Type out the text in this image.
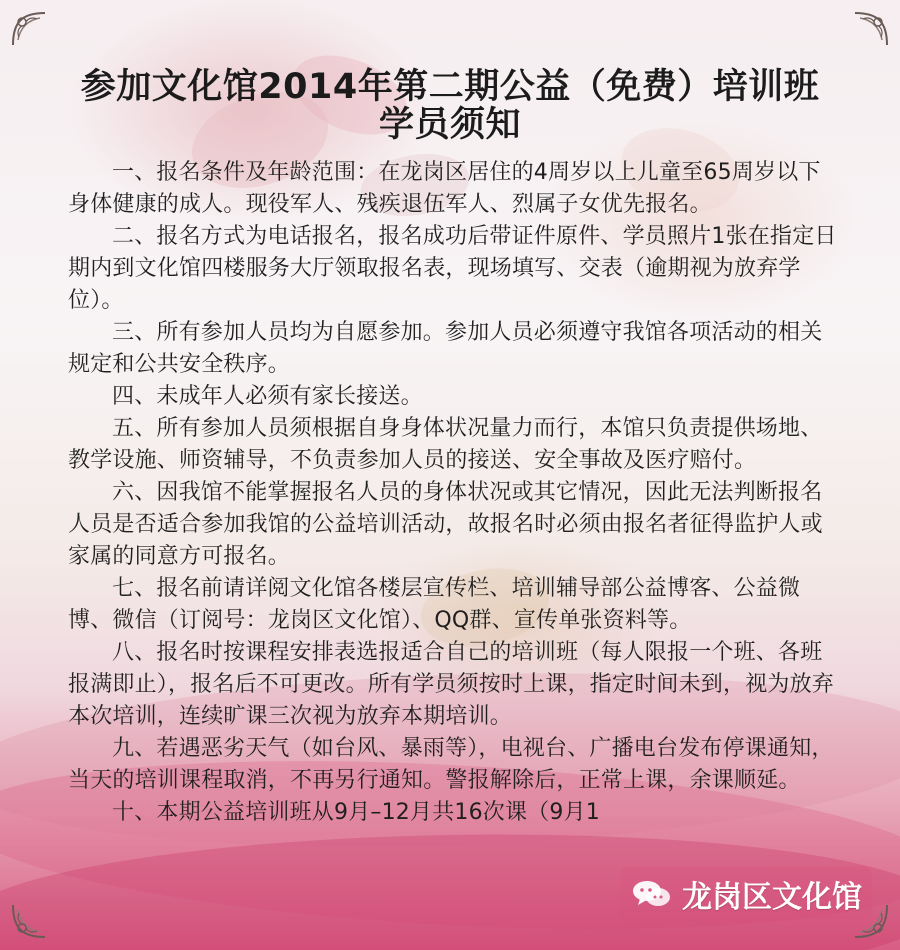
参加文化馆2014年第二期公益（免费）培训班
学员须知

一、报名条件及年龄范围：在龙岗区居住的4周岁以上儿童至65周岁以下身体健康的成人。现役军人、残疾退伍军人、烈属子女优先报名。

二、报名方式为电话报名，报名成功后带证件原件、学员照片1张在指定日期内到文化馆四楼服务大厅领取报名表，现场填写、交表（逾期视为放弃学位）。

三、所有参加人员均为自愿参加。参加人员必须遵守我馆各项活动的相关规定和公共安全秩序。

四、未成年人必须有家长接送。

五、所有参加人员须根据自身身体状况量力而行，本馆只负责提供场地、教学设施、师资辅导，不负责参加人员的接送、安全事故及医疗赔付。

六、因我馆不能掌握报名人员的身体状况或其它情况，因此无法判断报名人员是否适合参加我馆的公益培训活动，故报名时必须由报名者征得监护人或家属的同意方可报名。

七、报名前请详阅文化馆各楼层宣传栏、培训辅导部公益博客、公益微博、微信（订阅号：龙岗区文化馆）、QQ群、宣传单张资料等。

八、报名时按课程安排表选报适合自己的培训班（每人限报一个班、各班报满即止），报名后不可更改。所有学员须按时上课，指定时间未到，视为放弃本次培训，连续旷课三次视为放弃本期培训。

九、若遇恶劣天气（如台风、暴雨等），电视台、广播电台发布停课通知，当天的培训课程取消，不再另行通知。警报解除后，正常上课，余课顺延。

十、本期公益培训班从9月–12月共16次课（9月1

龙岗区文化馆
